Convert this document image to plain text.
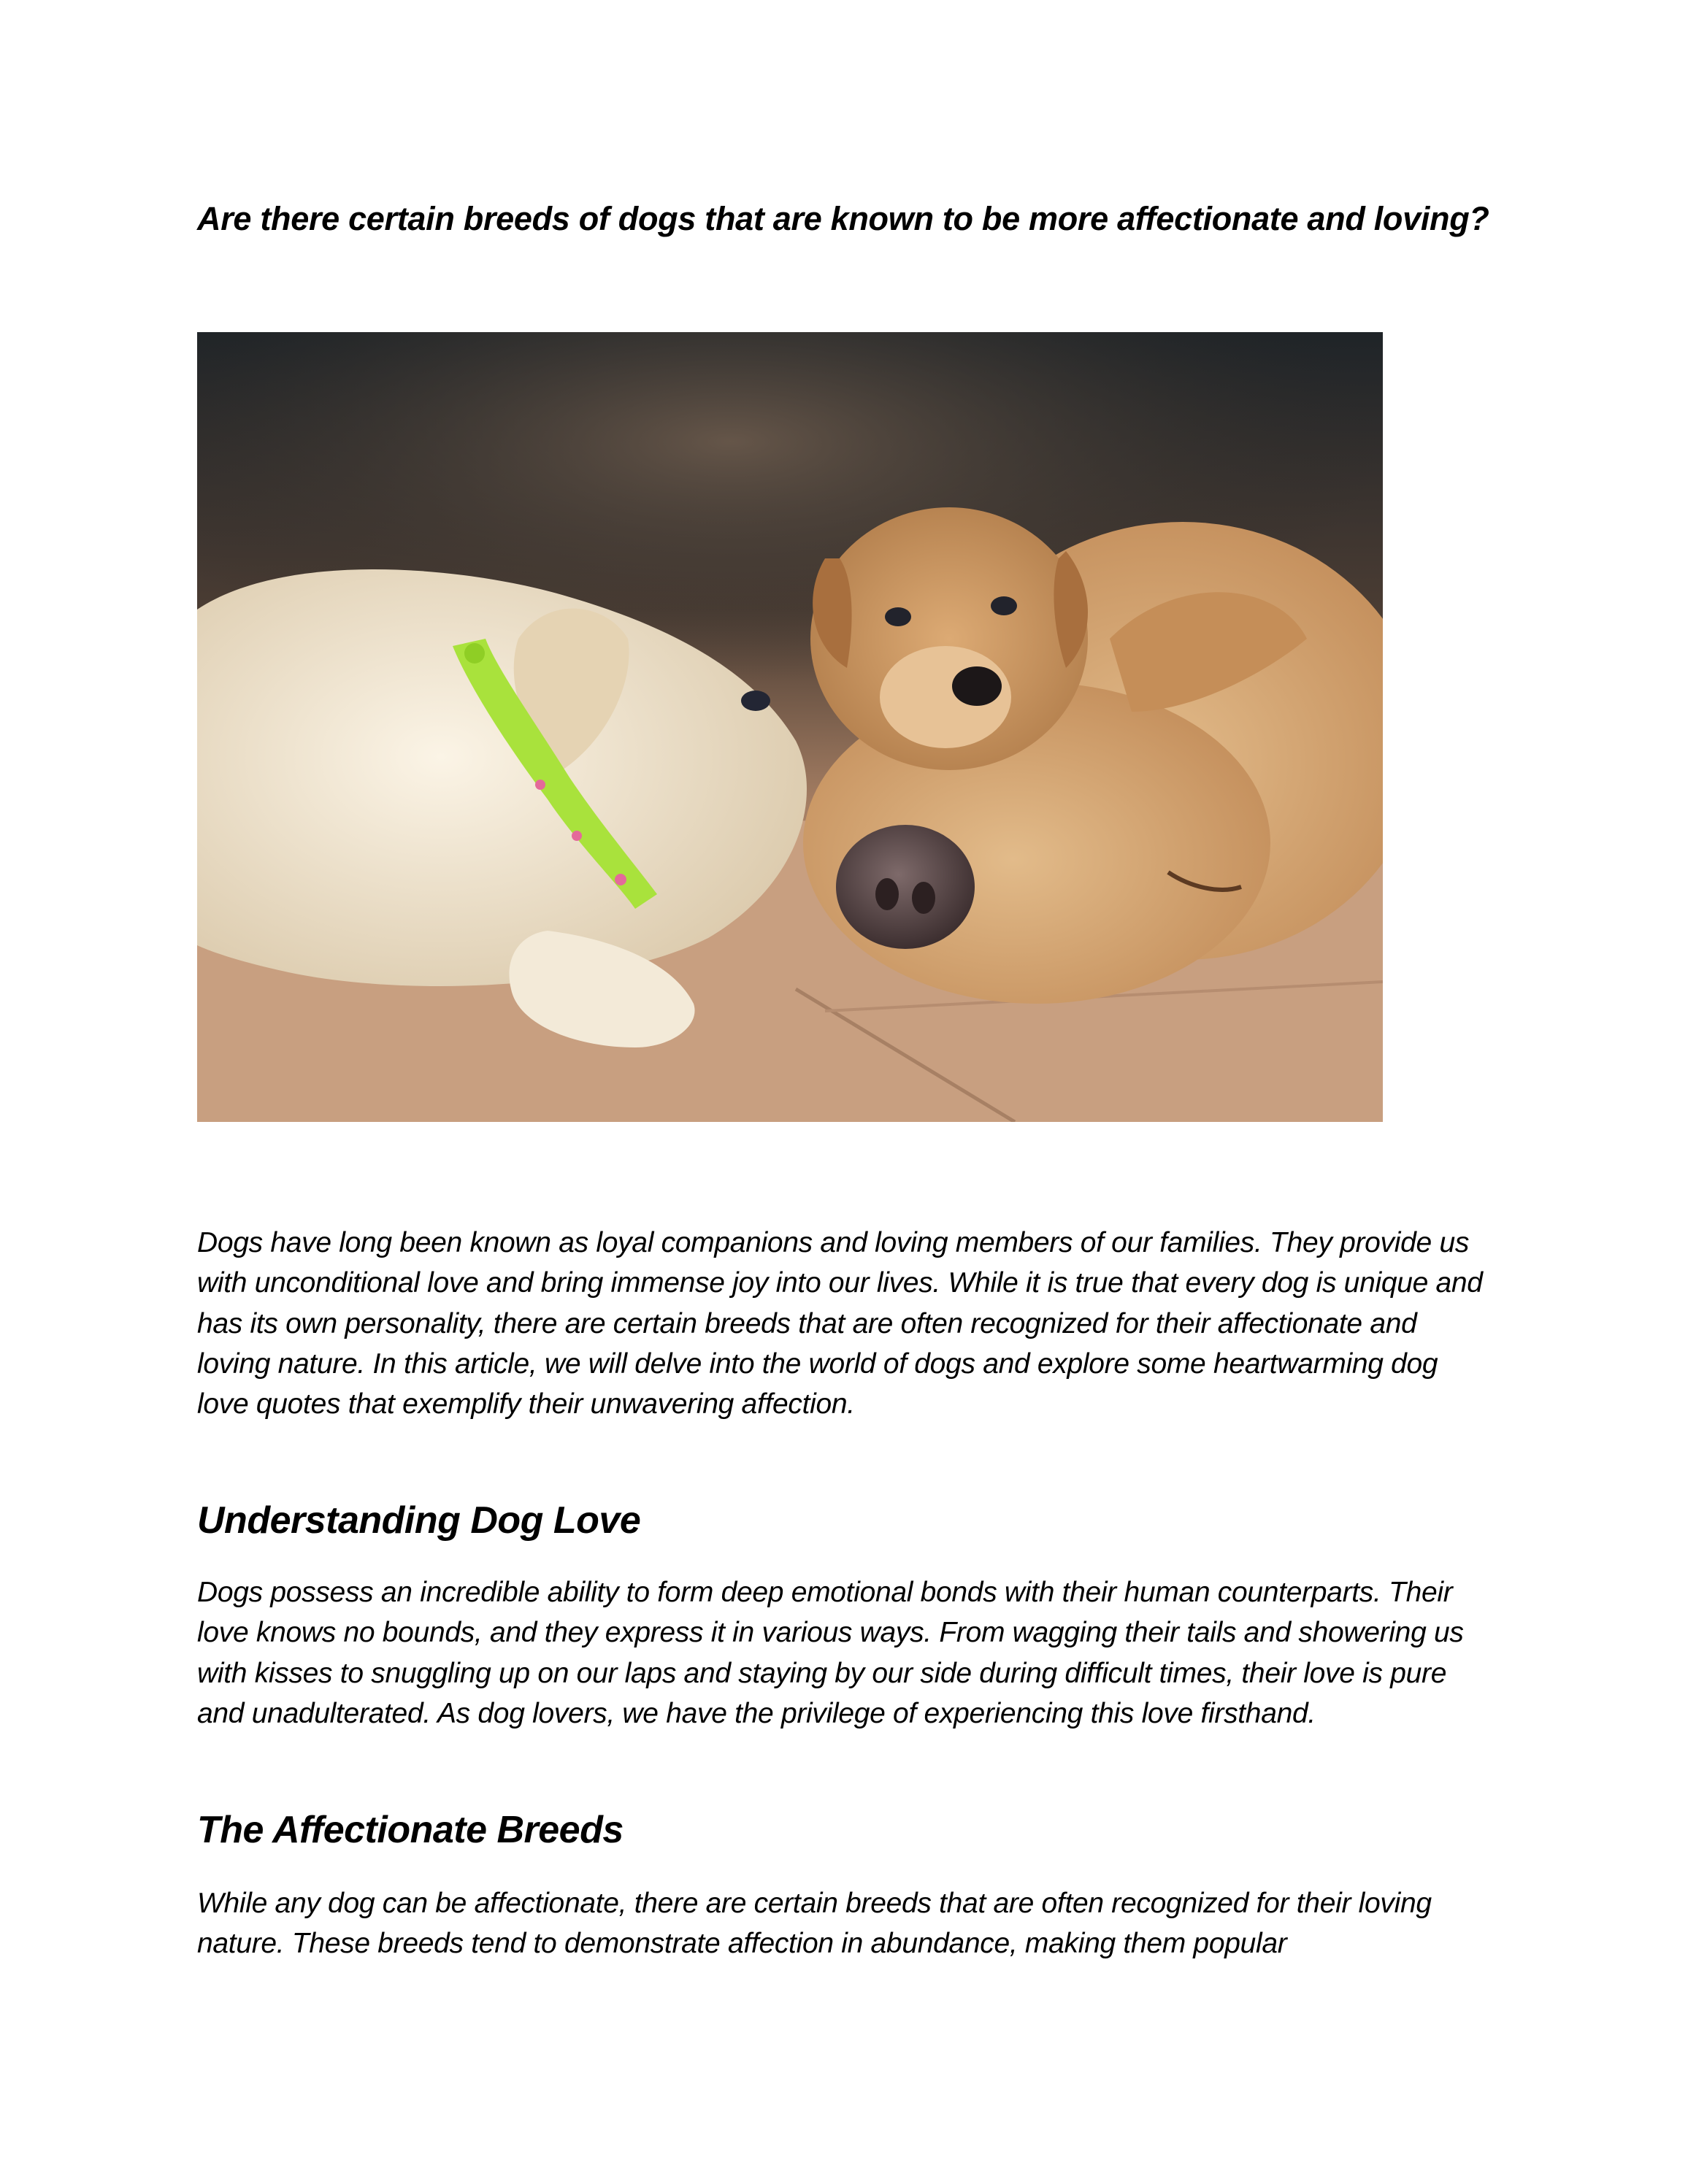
Are there certain breeds of dogs that are known to be more affectionate and loving?

Dogs have long been known as loyal companions and loving members of our families. They provide us with unconditional love and bring immense joy into our lives. While it is true that every dog is unique and has its own personality, there are certain breeds that are often recognized for their affectionate and loving nature. In this article, we will delve into the world of dogs and explore some heartwarming dog love quotes that exemplify their unwavering affection.

Understanding Dog Love

Dogs possess an incredible ability to form deep emotional bonds with their human counterparts. Their love knows no bounds, and they express it in various ways. From wagging their tails and showering us with kisses to snuggling up on our laps and staying by our side during difficult times, their love is pure and unadulterated. As dog lovers, we have the privilege of experiencing this love firsthand.

The Affectionate Breeds

While any dog can be affectionate, there are certain breeds that are often recognized for their loving nature. These breeds tend to demonstrate affection in abundance, making them popular
